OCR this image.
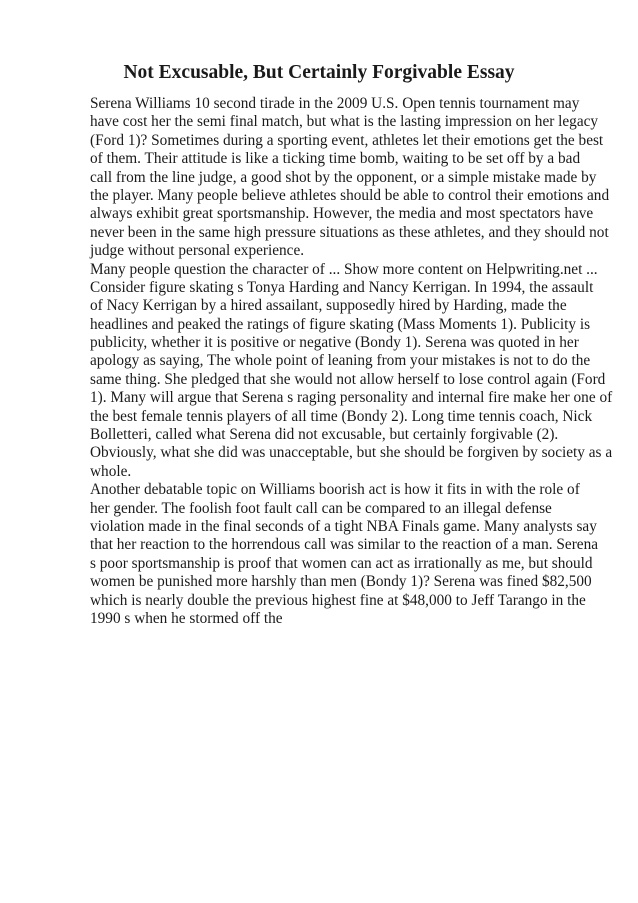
Not Excusable, But Certainly Forgivable Essay
Serena Williams 10 second tirade in the 2009 U.S. Open tennis tournament may
have cost her the semi final match, but what is the lasting impression on her legacy
(Ford 1)? Sometimes during a sporting event, athletes let their emotions get the best
of them. Their attitude is like a ticking time bomb, waiting to be set off by a bad
call from the line judge, a good shot by the opponent, or a simple mistake made by
the player. Many people believe athletes should be able to control their emotions and
always exhibit great sportsmanship. However, the media and most spectators have
never been in the same high pressure situations as these athletes, and they should not
judge without personal experience.
Many people question the character of ... Show more content on Helpwriting.net ...
Consider figure skating s Tonya Harding and Nancy Kerrigan. In 1994, the assault
of Nacy Kerrigan by a hired assailant, supposedly hired by Harding, made the
headlines and peaked the ratings of figure skating (Mass Moments 1). Publicity is
publicity, whether it is positive or negative (Bondy 1). Serena was quoted in her
apology as saying, The whole point of leaning from your mistakes is not to do the
same thing. She pledged that she would not allow herself to lose control again (Ford
1). Many will argue that Serena s raging personality and internal fire make her one of
the best female tennis players of all time (Bondy 2). Long time tennis coach, Nick
Bolletteri, called what Serena did not excusable, but certainly forgivable (2).
Obviously, what she did was unacceptable, but she should be forgiven by society as a
whole.
Another debatable topic on Williams boorish act is how it fits in with the role of
her gender. The foolish foot fault call can be compared to an illegal defense
violation made in the final seconds of a tight NBA Finals game. Many analysts say
that her reaction to the horrendous call was similar to the reaction of a man. Serena
s poor sportsmanship is proof that women can act as irrationally as me, but should
women be punished more harshly than men (Bondy 1)? Serena was fined $82,500
which is nearly double the previous highest fine at $48,000 to Jeff Tarango in the
1990 s when he stormed off the
